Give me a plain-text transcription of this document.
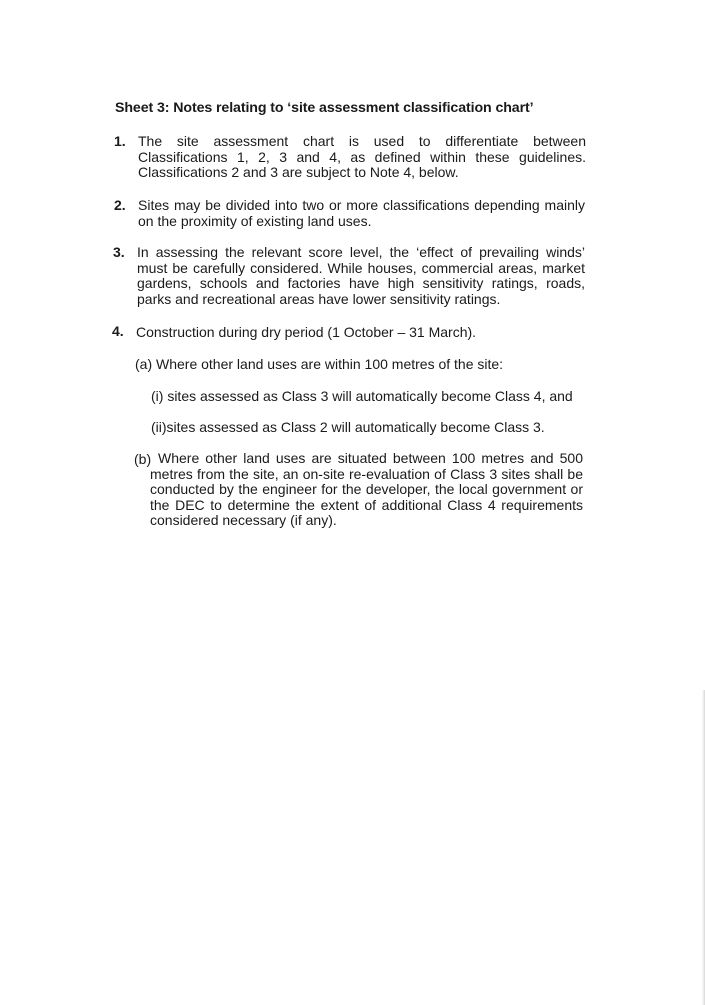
Sheet 3: Notes relating to ‘site assessment classification chart’
1. The site assessment chart is used to differentiate between Classifications 1, 2, 3 and 4, as defined within these guidelines. Classifications 2 and 3 are subject to Note 4, below.
2. Sites may be divided into two or more classifications depending mainly on the proximity of existing land uses.
3. In assessing the relevant score level, the ‘effect of prevailing winds’ must be carefully considered. While houses, commercial areas, market gardens, schools and factories have high sensitivity ratings, roads, parks and recreational areas have lower sensitivity ratings.
4. Construction during dry period (1 October – 31 March).
(a) Where other land uses are within 100 metres of the site:
(i) sites assessed as Class 3 will automatically become Class 4, and
(ii)sites assessed as Class 2 will automatically become Class 3.
(b) Where other land uses are situated between 100 metres and 500 metres from the site, an on-site re-evaluation of Class 3 sites shall be conducted by the engineer for the developer, the local government or the DEC to determine the extent of additional Class 4 requirements considered necessary (if any).
